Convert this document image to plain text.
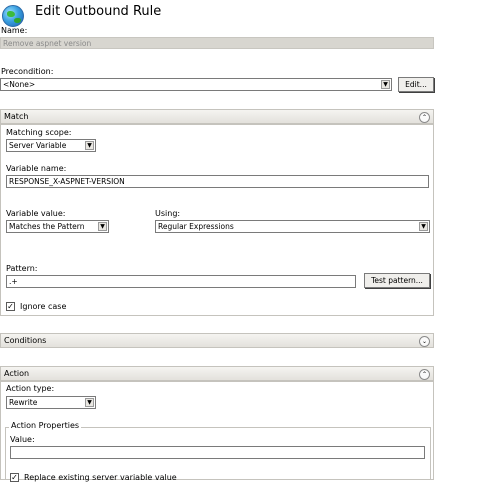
Edit Outbound Rule
Name:
Remove aspnet version
Precondition:
<None>	▼	Edit...
Match	⌃
Matching scope:
Server Variable	▼
Variable name:
RESPONSE_X-ASPNET-VERSION
Variable value:
Matches the Pattern	▼
Using:
Regular Expressions	▼
Pattern:
.+	Test pattern...
✓ Ignore case
Conditions	⌄
Action	⌃
Action type:
Rewrite	▼
Action Properties
Value:
✓ Replace existing server variable value
